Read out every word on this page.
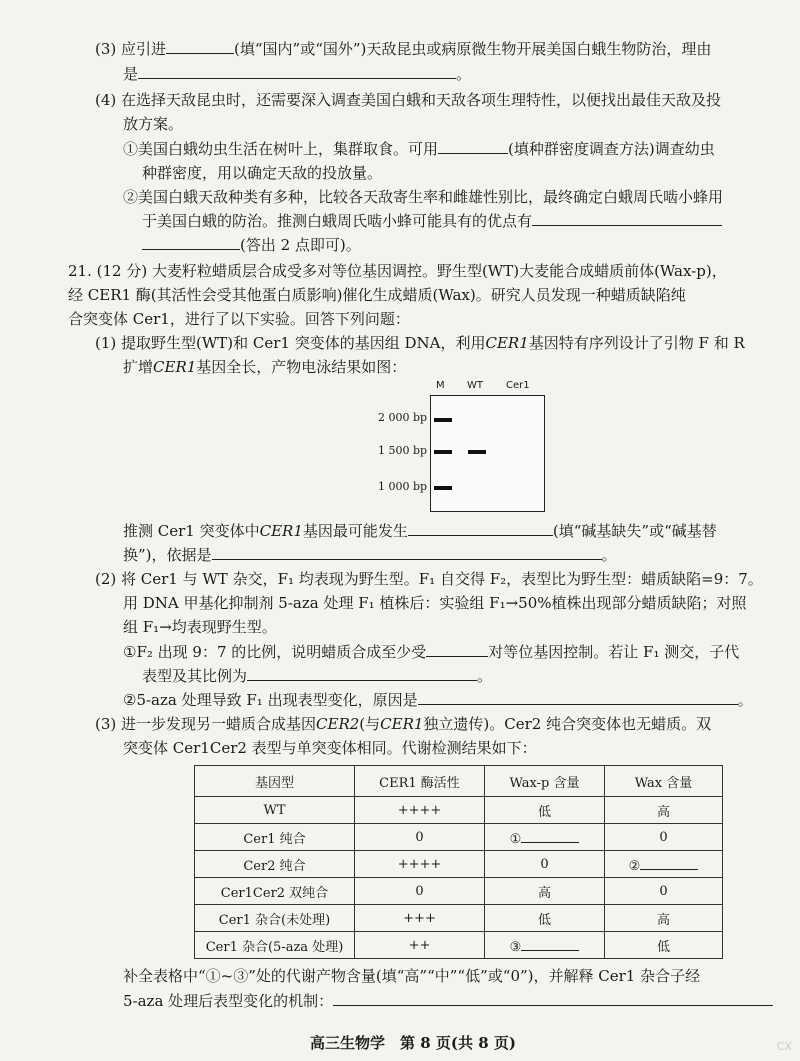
(3) 应引进	(填“国内”或“国外”)天敌昆虫或病原微生物开展美国白蛾生物防治，理由
是	。
(4) 在选择天敌昆虫时，还需要深入调查美国白蛾和天敌各项生理特性，以便找出最佳天敌及投
放方案。
①美国白蛾幼虫生活在树叶上，集群取食。可用	(填种群密度调查方法)调查幼虫
种群密度，用以确定天敌的投放量。
②美国白蛾天敌种类有多种，比较各天敌寄生率和雌雄性别比，最终确定白蛾周氏啮小蜂用
于美国白蛾的防治。推测白蛾周氏啮小蜂可能具有的优点有
(答出 2 点即可)。
21. (12 分) 大麦籽粒蜡质层合成受多对等位基因调控。野生型(WT)大麦能合成蜡质前体(Wax-p)，
经 CER1 酶(其活性会受其他蛋白质影响)催化生成蜡质(Wax)。研究人员发现一种蜡质缺陷纯
合突变体 Cer1，进行了以下实验。回答下列问题：
(1) 提取野生型(WT)和 Cer1 突变体的基因组 DNA，利用CER1基因特有序列设计了引物 F 和 R
扩增CER1基因全长，产物电泳结果如图：
M WT Cer1
2 000 bp
1 500 bp
1 000 bp
推测 Cer1 突变体中CER1基因最可能发生	(填“碱基缺失”或“碱基替
换”)，依据是	。
(2) 将 Cer1 与 WT 杂交，F₁ 均表现为野生型。F₁ 自交得 F₂，表型比为野生型：蜡质缺陷=9：7。
用 DNA 甲基化抑制剂 5-aza 处理 F₁ 植株后：实验组 F₁→50%植株出现部分蜡质缺陷；对照
组 F₁→均表现野生型。
①F₂ 出现 9：7 的比例，说明蜡质合成至少受	对等位基因控制。若让 F₁ 测交，子代
表型及其比例为	。
②5-aza 处理导致 F₁ 出现表型变化，原因是	。
(3) 进一步发现另一蜡质合成基因CER2(与CER1独立遗传)。Cer2 纯合突变体也无蜡质。双
突变体 Cer1Cer2 表型与单突变体相同。代谢检测结果如下：
基因型	CER1 酶活性	Wax-p 含量	Wax 含量
WT	++++	低	高
Cer1 纯合	0	①	0
Cer2 纯合	++++	0	②
Cer1Cer2 双纯合	0	高	0
Cer1 杂合(未处理)	+++	低	高
Cer1 杂合(5-aza 处理)	++	③	低
补全表格中“①~③”处的代谢产物含量(填“高”“中”“低”或“0”)，并解释 Cer1 杂合子经
5-aza 处理后表型变化的机制：
高三生物学　第 8 页(共 8 页)	CX
